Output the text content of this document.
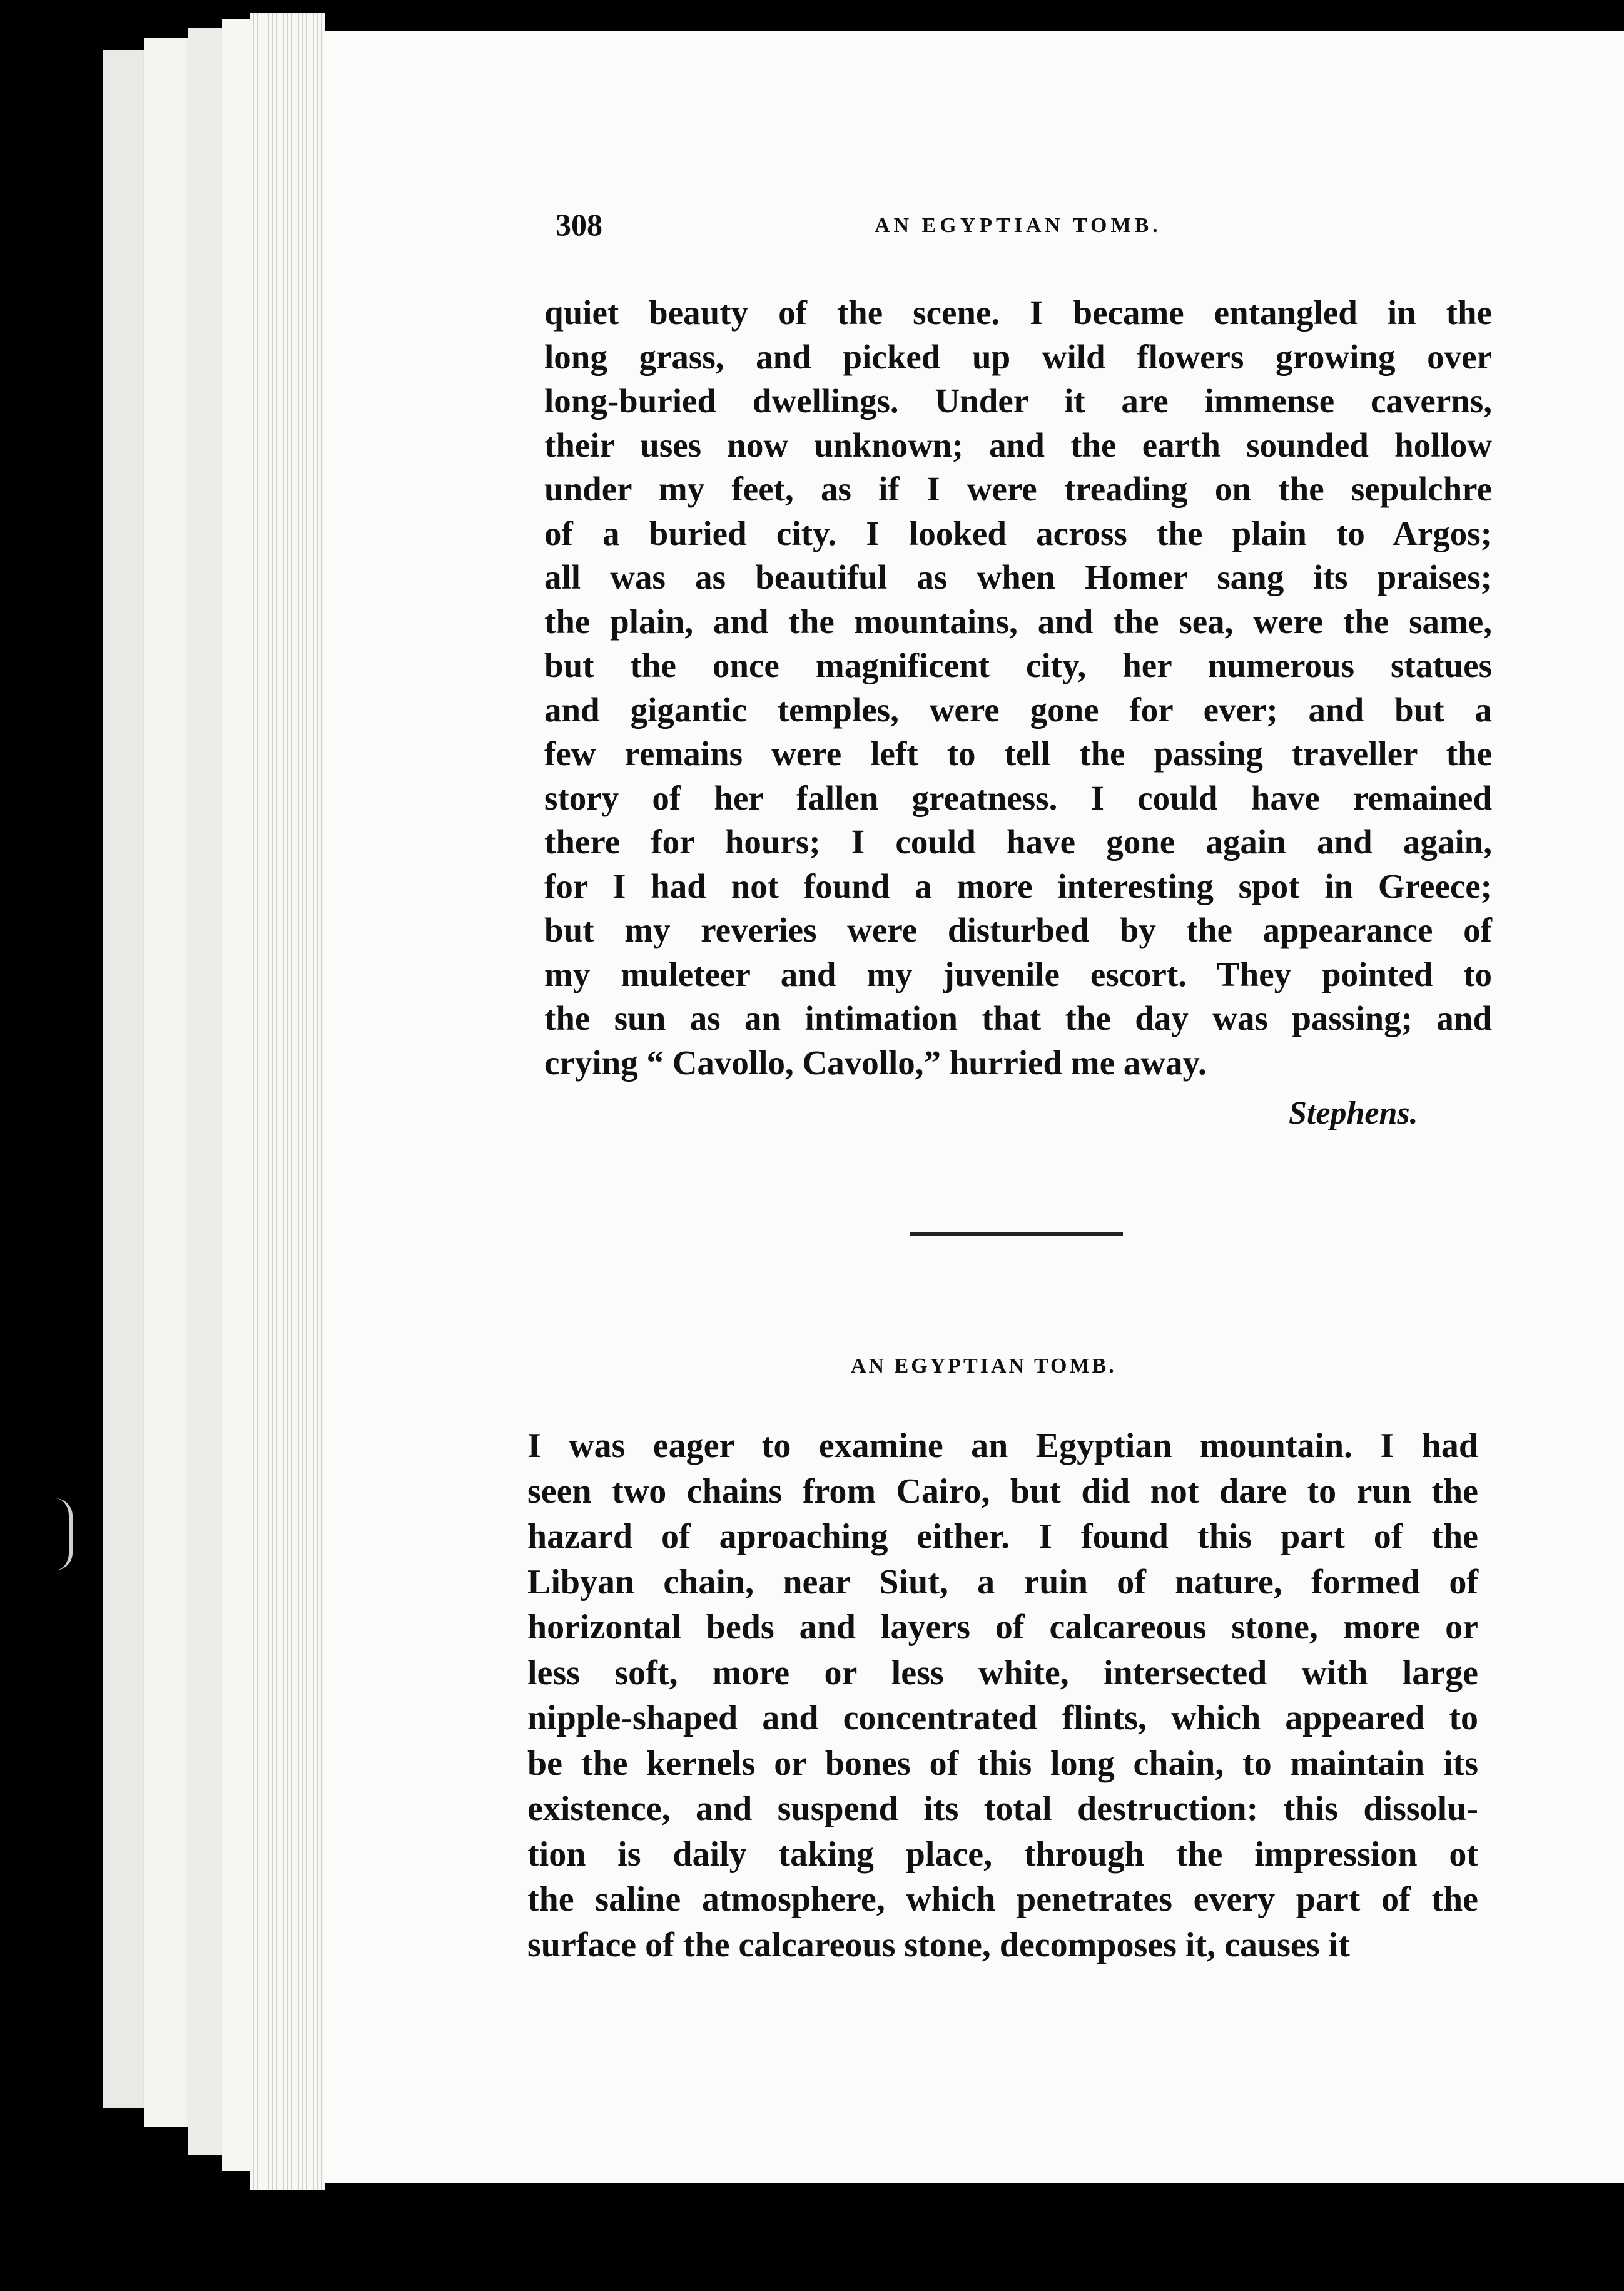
308	AN EGYPTIAN TOMB.
quiet beauty of the scene. I became entangled in the
long grass, and picked up wild flowers growing over
long-buried dwellings. Under it are immense caverns,
their uses now unknown; and the earth sounded hollow
under my feet, as if I were treading on the sepulchre
of a buried city. I looked across the plain to Argos;
all was as beautiful as when Homer sang its praises;
the plain, and the mountains, and the sea, were the same,
but the once magnificent city, her numerous statues
and gigantic temples, were gone for ever; and but a
few remains were left to tell the passing traveller the
story of her fallen greatness. I could have remained
there for hours; I could have gone again and again,
for I had not found a more interesting spot in Greece;
but my reveries were disturbed by the appearance of
my muleteer and my juvenile escort. They pointed to
the sun as an intimation that the day was passing; and
crying “ Cavollo, Cavollo,” hurried me away.
Stephens.
AN EGYPTIAN TOMB.
I was eager to examine an Egyptian mountain. I had
seen two chains from Cairo, but did not dare to run the
hazard of aproaching either. I found this part of the
Libyan chain, near Siut, a ruin of nature, formed of
horizontal beds and layers of calcareous stone, more or
less soft, more or less white, intersected with large
nipple-shaped and concentrated flints, which appeared to
be the kernels or bones of this long chain, to maintain its
existence, and suspend its total destruction: this dissolu-
tion is daily taking place, through the impression ot
the saline atmosphere, which penetrates every part of the
surface of the calcareous stone, decomposes it, causes it
